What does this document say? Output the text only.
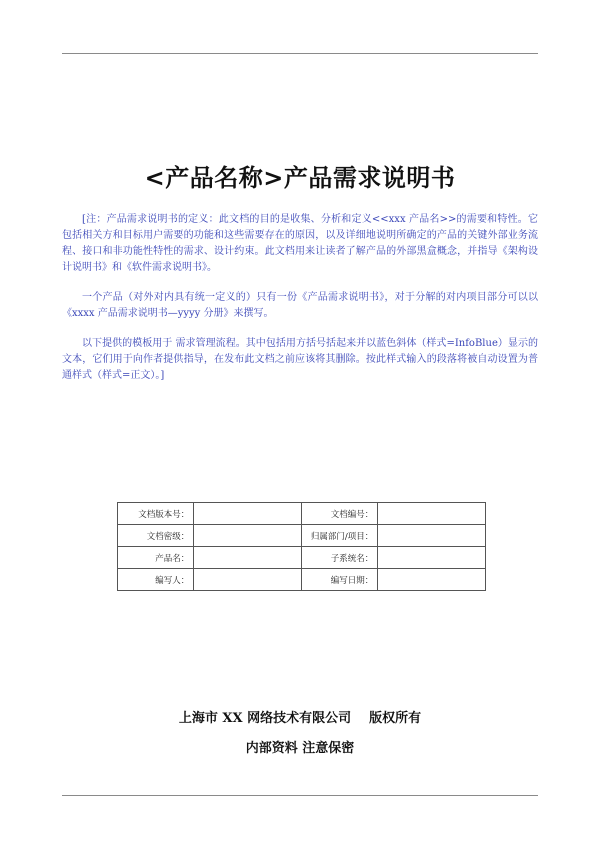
<产品名称>产品需求说明书

[注：产品需求说明书的定义：此文档的目的是收集、分析和定义<<xxx 产品名>>的需要和特性。它包括相关方和目标用户需要的功能和这些需要存在的原因，以及详细地说明所确定的产品的关键外部业务流程、接口和非功能性特性的需求、设计约束。此文档用来让读者了解产品的外部黑盒概念，并指导《架构设计说明书》和《软件需求说明书》。

一个产品（对外对内具有统一定义的）只有一份《产品需求说明书》，对于分解的对内项目部分可以以《xxxx 产品需求说明书—yyyy 分册》来撰写。

以下提供的模板用于 需求管理流程。其中包括用方括号括起来并以蓝色斜体（样式=InfoBlue）显示的文本，它们用于向作者提供指导，在发布此文档之前应该将其删除。按此样式输入的段落将被自动设置为普通样式（样式=正文）。]

文档版本号：		文档编号：	
文档密级：		归属部门/项目：	
产品名：		子系统名：	
编写人：		编写日期：	
上海市 XX 网络技术有限公司 版权所有
内部资料 注意保密
